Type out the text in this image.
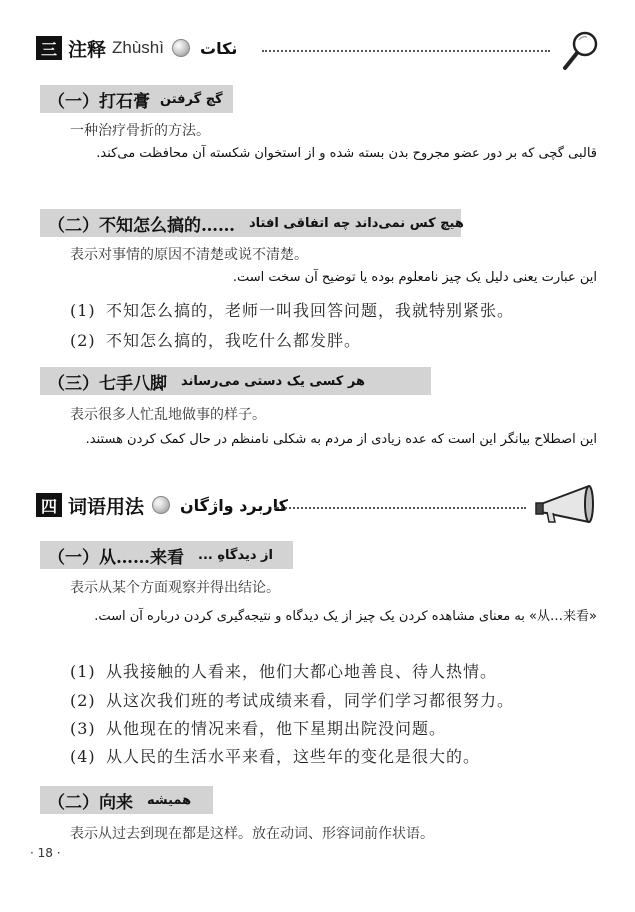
三 注释 Zhùshì نکات
（一）打石膏 گچ گرفتن
一种治疗骨折的方法。
قالبی گچی که بر دور عضو مجروح بدن بسته شده و از استخوان شکسته آن محافظت می‌کند.
（二）不知怎么搞的…… هیچ کس نمی‌داند چه اتفاقی افتاد
表示对事情的原因不清楚或说不清楚。
این عبارت یعنی دلیل یک چیز نامعلوم بوده یا توضیح آن سخت است.
(1) 不知怎么搞的，老师一叫我回答问题，我就特别紧张。
(2) 不知怎么搞的，我吃什么都发胖。
（三）七手八脚 هر کسی یک دستی می‌رساند
表示很多人忙乱地做事的样子。
این اصطلاح بیانگر این است که عده زیادی از مردم به شکلی نامنظم در حال کمک کردن هستند.
四 词语用法 کاربرد واژگان
（一）从……来看 از دیدگاهِ ...
表示从某个方面观察并得出结论。
«从…来看» به معنای مشاهده کردن یک چیز از یک دیدگاه و نتیجه‌گیری کردن درباره آن است.
(1) 从我接触的人看来，他们大都心地善良、待人热情。
(2) 从这次我们班的考试成绩来看，同学们学习都很努力。
(3) 从他现在的情况来看，他下星期出院没问题。
(4) 从人民的生活水平来看，这些年的变化是很大的。
（二）向来 همیشه
表示从过去到现在都是这样。放在动词、形容词前作状语。
· 18 ·
